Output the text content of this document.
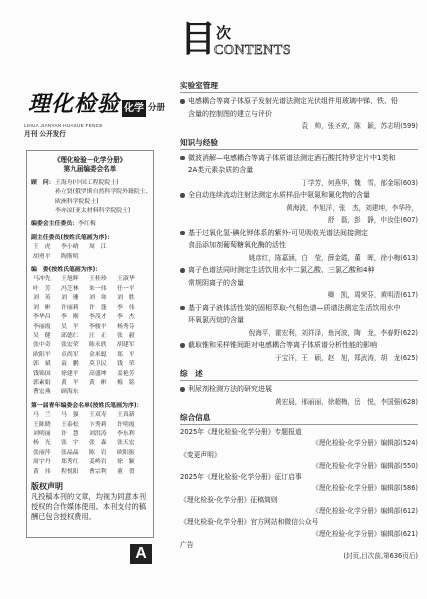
理化检验 化学 分册
LIHUA JIANYAN HUAXUE FENCE
月刊 公开发行
《理化检验－化学分册》
第九届编委会名单
顾　问： 王海舟(中国工程院院士)
孙立贤(俄罗斯自然科学院外籍院士、
欧洲科学院院士)
李亦凉(亚太材料科学院院士)
编委会主任委员：李红梅
副主任委员(按姓氏笔画为序)：
王　虎	李小晴	周　江
胡勇平	陶斯明
编　委(按姓氏笔画为序)：
马冲先	王旭辉	王桂珍	王淑华
叶　芳	冯芝林	朱一伟	任一平
刘　英	刘　珊	刘　寒	刘　胜
刘　彬	许丽莉	许　蓬	李　伟
李华昌	李　刚	李茂才	李　杰
李丽霞	吴　平	李骏平	杨秀芬
吴　健	邱德仁	汪　正	张　毅
张中奇	张宏荣	陈永欣	胡建军
欧阳平	卓尚军	金米聪	郑　平
郭　斌	袁　鹏	莫卫民	钱　荣
钱锦国	徐建平	高盛坤	姜艳芳
郭素娟	黄　平	黄　彬	梅　铭
曹宏燕	顾海东
第一届青年编委会名单(按姓氏笔画为序)：
马　兰	马　强	王双寿	王真新
王陈晓	王泰松	卞秀莉	许明霞
刘明丽	许　慧	刘洪涛	李东利
杨　光	张　宇	张　森	张天宏
张丽萍	张晶晶	陈　岩	欧阳振
周宇丹	郑秀红	姜岭岩	徐　颖
黄　伟	程悦阳	曹宗利	董　贺
版权声明
凡投稿本刊的文章，均视为同意本刊授权的合作媒体使用。本刊支付的稿酬已包含授权费用。
A
目 次
CONTENTS
实验室管理
电感耦合等离子体原子发射光谱法测定光伏组件用玻璃中锑、铁、铅
含量的控制图的建立与评价
袁　帅，张圣欢，陈　颖，苏志明(599)
知识与经验
微波消解—电感耦合等离子体质谱法测定酒石酸托特罗定片中1类和
2A类元素杂质的含量
丁学芳，何燕华，魏　雪，郁金瑶(603)
全自动连续流动注射法测定水质样品中氨氮和氰化物的含量
黄海波，李旭洋，张　杰，刘建坤，李华玲，
舒　磊，彭　静，申汝佳(607)
基于过氧化氢-碘化钾体系的紫外-可见吸收光谱法间接测定
食品添加剂葡萄糖氧化酶的活性
姚彦红，陈嘉涵，白　莹，薛金霞，董　晖，徐小梅(613)
离子色谱法同时测定生活饮用水中二氯乙酸、三氯乙酸和4种
常规阴离子的含量
卿　凯，周荣芬，黄明清(617)
基于离子液体活性炭的固相萃取-气相色谱—质谱法测定生活饮用水中
环氧氯丙烷的含量
倪海平，霍宏利，刘祥泽，鱼河波，陶　龙，李春野(622)
截取锥和采样锥间距对电感耦合等离子体质谱分析性能的影响
于宝洋，王　硕，赵　旭，郑武涛，胡　龙(625)
综　述
利尿剂检测方法的研究进展
黄宏晨，邢丽丽，徐超梅，岳　悦，李国强(628)
综合信息
2025年《理化检验-化学分册》专题报道
《理化检验-化学分册》编辑部(524)
《变更声明》
《理化检验-化学分册》编辑部(550)
2025年《理化检验-化学分册》征订启事
《理化检验-化学分册》编辑部(586)
《理化检验-化学分册》征稿简则
《理化检验-化学分册》编辑部(612)
《理化检验-化学分册》官方网站和微信公众号
《理化检验-化学分册》编辑部(621)
广告
(封页,目次前,第636页后)
